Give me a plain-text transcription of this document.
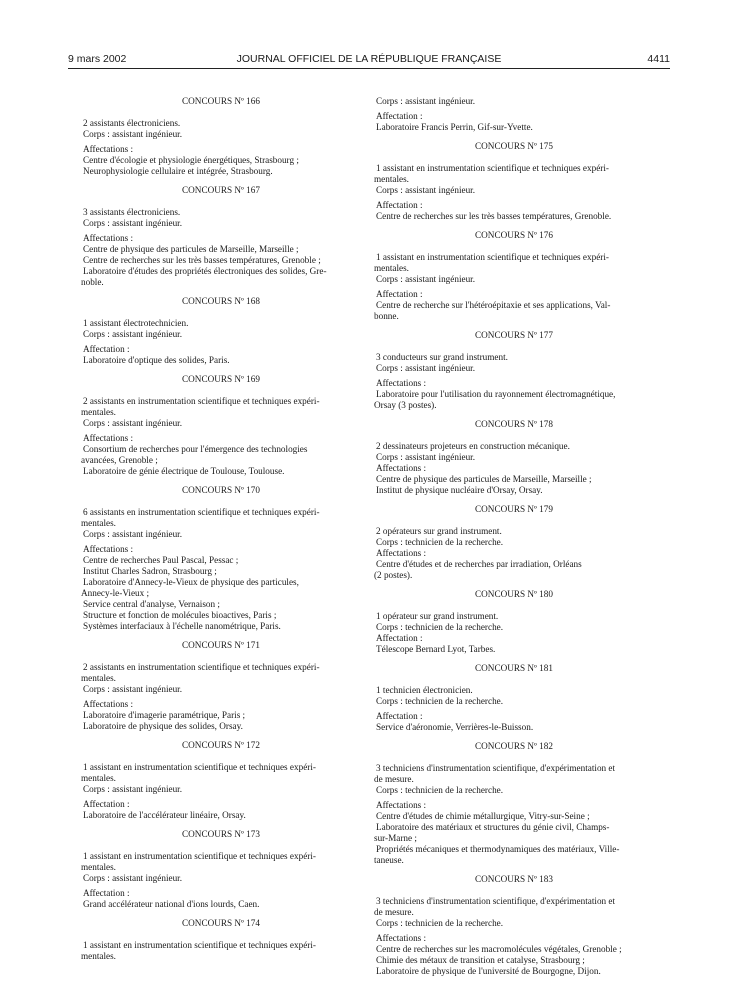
9 mars 2002	JOURNAL OFFICIEL DE LA RÉPUBLIQUE FRANÇAISE	4411
CONCOURS Nº 166
2 assistants électroniciens.
Corps : assistant ingénieur.
Affectations :
Centre d'écologie et physiologie énergétiques, Strasbourg ;
Neurophysiologie cellulaire et intégrée, Strasbourg.
CONCOURS Nº 167
3 assistants électroniciens.
Corps : assistant ingénieur.
Affectations :
Centre de physique des particules de Marseille, Marseille ;
Centre de recherches sur les très basses températures, Grenoble ;
Laboratoire d'études des propriétés électroniques des solides, Gre-
noble.
CONCOURS Nº 168
1 assistant électrotechnicien.
Corps : assistant ingénieur.
Affectation :
Laboratoire d'optique des solides, Paris.
CONCOURS Nº 169
2 assistants en instrumentation scientifique et techniques expéri-
mentales.
Corps : assistant ingénieur.
Affectations :
Consortium de recherches pour l'émergence des technologies
avancées, Grenoble ;
Laboratoire de génie électrique de Toulouse, Toulouse.
CONCOURS Nº 170
6 assistants en instrumentation scientifique et techniques expéri-
mentales.
Corps : assistant ingénieur.
Affectations :
Centre de recherches Paul Pascal, Pessac ;
Institut Charles Sadron, Strasbourg ;
Laboratoire d'Annecy-le-Vieux de physique des particules,
Annecy-le-Vieux ;
Service central d'analyse, Vernaison ;
Structure et fonction de molécules bioactives, Paris ;
Systèmes interfaciaux à l'échelle nanométrique, Paris.
CONCOURS Nº 171
2 assistants en instrumentation scientifique et techniques expéri-
mentales.
Corps : assistant ingénieur.
Affectations :
Laboratoire d'imagerie paramétrique, Paris ;
Laboratoire de physique des solides, Orsay.
CONCOURS Nº 172
1 assistant en instrumentation scientifique et techniques expéri-
mentales.
Corps : assistant ingénieur.
Affectation :
Laboratoire de l'accélérateur linéaire, Orsay.
CONCOURS Nº 173
1 assistant en instrumentation scientifique et techniques expéri-
mentales.
Corps : assistant ingénieur.
Affectation :
Grand accélérateur national d'ions lourds, Caen.
CONCOURS Nº 174
1 assistant en instrumentation scientifique et techniques expéri-
mentales.
Corps : assistant ingénieur.
Affectation :
Laboratoire Francis Perrin, Gif-sur-Yvette.
CONCOURS Nº 175
1 assistant en instrumentation scientifique et techniques expéri-
mentales.
Corps : assistant ingénieur.
Affectation :
Centre de recherches sur les très basses températures, Grenoble.
CONCOURS Nº 176
1 assistant en instrumentation scientifique et techniques expéri-
mentales.
Corps : assistant ingénieur.
Affectation :
Centre de recherche sur l'hétéroépitaxie et ses applications, Val-
bonne.
CONCOURS Nº 177
3 conducteurs sur grand instrument.
Corps : assistant ingénieur.
Affectations :
Laboratoire pour l'utilisation du rayonnement électromagnétique,
Orsay (3 postes).
CONCOURS Nº 178
2 dessinateurs projeteurs en construction mécanique.
Corps : assistant ingénieur.
Affectations :
Centre de physique des particules de Marseille, Marseille ;
Institut de physique nucléaire d'Orsay, Orsay.
CONCOURS Nº 179
2 opérateurs sur grand instrument.
Corps : technicien de la recherche.
Affectations :
Centre d'études et de recherches par irradiation, Orléans
(2 postes).
CONCOURS Nº 180
1 opérateur sur grand instrument.
Corps : technicien de la recherche.
Affectation :
Télescope Bernard Lyot, Tarbes.
CONCOURS Nº 181
1 technicien électronicien.
Corps : technicien de la recherche.
Affectation :
Service d'aéronomie, Verrières-le-Buisson.
CONCOURS Nº 182
3 techniciens d'instrumentation scientifique, d'expérimentation et
de mesure.
Corps : technicien de la recherche.
Affectations :
Centre d'études de chimie métallurgique, Vitry-sur-Seine ;
Laboratoire des matériaux et structures du génie civil, Champs-
sur-Marne ;
Propriétés mécaniques et thermodynamiques des matériaux, Ville-
taneuse.
CONCOURS Nº 183
3 techniciens d'instrumentation scientifique, d'expérimentation et
de mesure.
Corps : technicien de la recherche.
Affectations :
Centre de recherches sur les macromolécules végétales, Grenoble ;
Chimie des métaux de transition et catalyse, Strasbourg ;
Laboratoire de physique de l'université de Bourgogne, Dijon.
